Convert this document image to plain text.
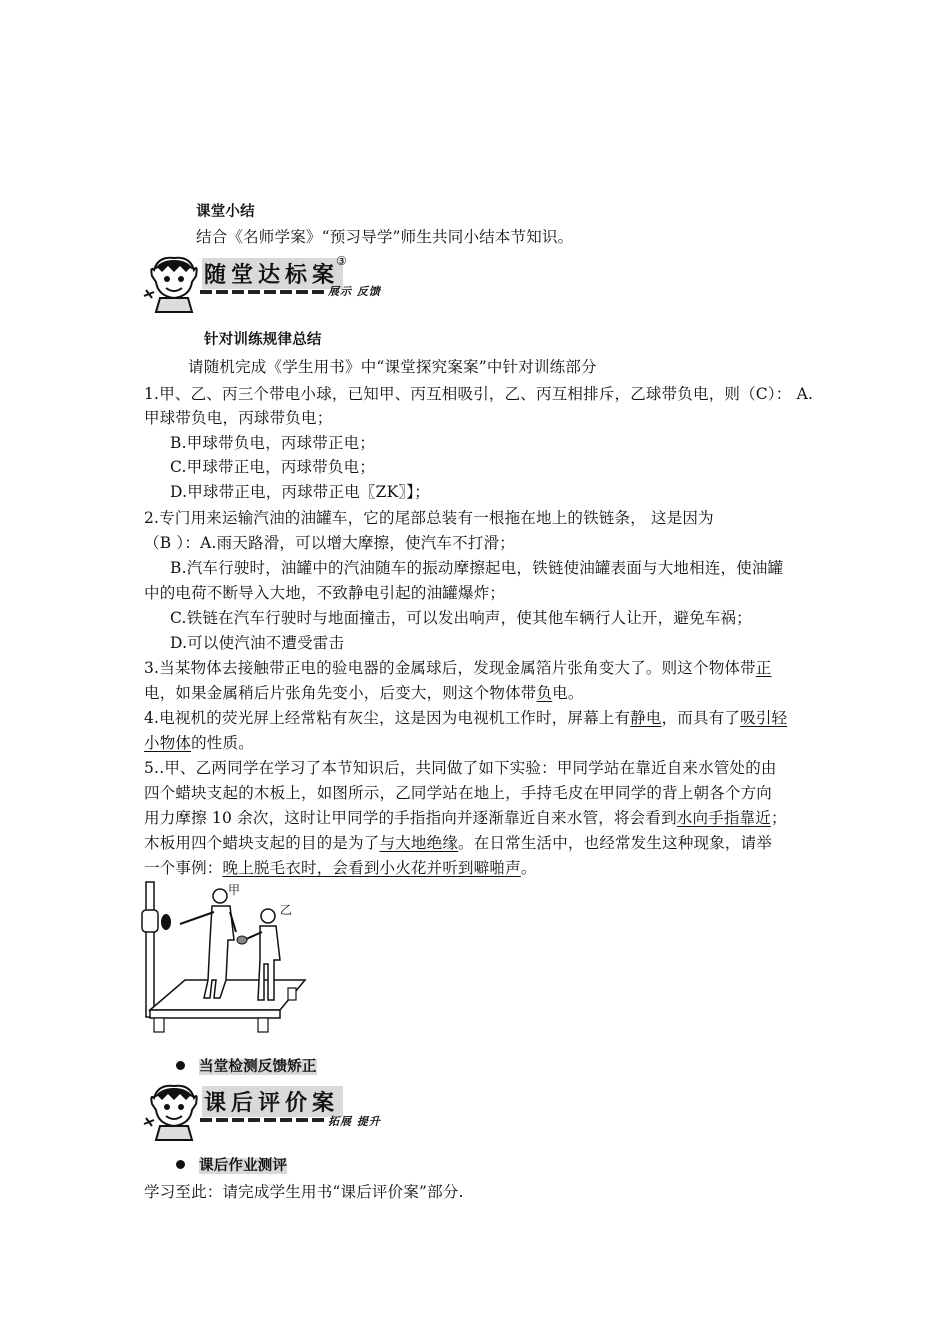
课堂小结
结合《名师学案》“预习导学”师生共同小结本节知识。
随堂达标案
③
展示 反馈
针对训练规律总结
请随机完成《学生用书》中“课堂探究案案”中针对训练部分
1.甲、乙、丙三个带电小球，已知甲、丙互相吸引，乙、丙互相排斥，乙球带负电，则（C）： A.
甲球带负电，丙球带负电；
B.甲球带负电，丙球带正电；
C.甲球带正电，丙球带负电；
D.甲球带正电，丙球带正电〖ZK〗】；
2.专门用来运输汽油的油罐车，它的尾部总装有一根拖在地上的铁链条， 这是因为
（B ）：A.雨天路滑，可以增大摩擦，使汽车不打滑；
B.汽车行驶时，油罐中的汽油随车的振动摩擦起电，铁链使油罐表面与大地相连，使油罐
中的电荷不断导入大地，不致静电引起的油罐爆炸；
C.铁链在汽车行驶时与地面撞击，可以发出响声，使其他车辆行人让开，避免车祸；
D.可以使汽油不遭受雷击
3.当某物体去接触带正电的验电器的金属球后，发现金属箔片张角变大了。则这个物体带正
电，如果金属稍后片张角先变小，后变大，则这个物体带负电。
4.电视机的荧光屏上经常粘有灰尘，这是因为电视机工作时，屏幕上有静电，而具有了吸引轻
小物体的性质。
5..甲、乙两同学在学习了本节知识后，共同做了如下实验：甲同学站在靠近自来水管处的由
四个蜡块支起的木板上，如图所示，乙同学站在地上，手持毛皮在甲同学的背上朝各个方向
用力摩擦 10 余次，这时让甲同学的手指指向并逐渐靠近自来水管，将会看到水向手指靠近；
木板用四个蜡块支起的目的是为了与大地绝缘。在日常生活中，也经常发生这种现象，请举
一个事例：晚上脱毛衣时，会看到小火花并听到噼啪声。
甲
乙
当堂检测反馈矫正
课后评价案
拓展 提升
课后作业测评
学习至此：请完成学生用书“课后评价案”部分.
